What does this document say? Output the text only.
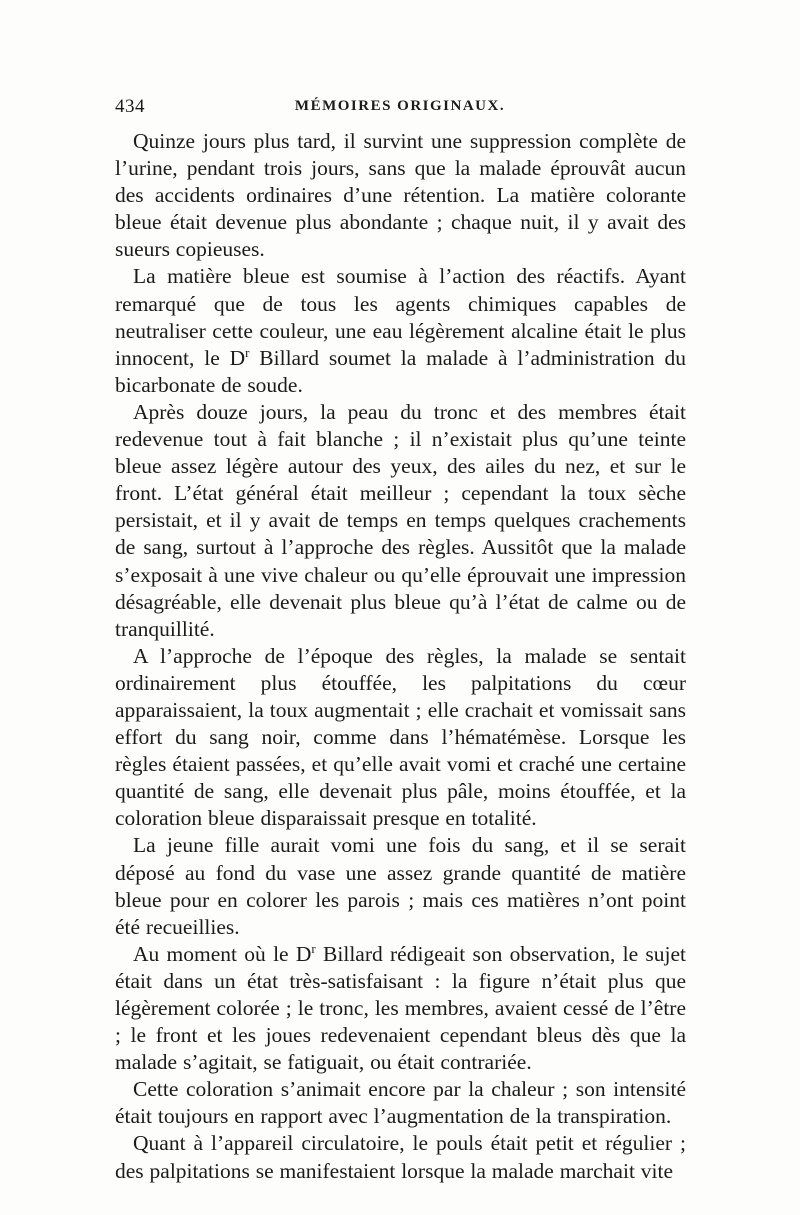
434	MÉMOIRES ORIGINAUX.

Quinze jours plus tard, il survint une suppression complète de l’urine, pendant trois jours, sans que la malade éprouvât aucun des accidents ordinaires d’une rétention. La matière colorante bleue était devenue plus abondante ; chaque nuit, il y avait des sueurs copieuses.

La matière bleue est soumise à l’action des réactifs. Ayant remarqué que de tous les agents chimiques capables de neutraliser cette couleur, une eau légèrement alcaline était le plus innocent, le $D^r$ Billard soumet la malade à l’administration du bicarbonate de soude.

Après douze jours, la peau du tronc et des membres était redevenue tout à fait blanche ; il n’existait plus qu’une teinte bleue assez légère autour des yeux, des ailes du nez, et sur le front. L’état général était meilleur ; cependant la toux sèche persistait, et il y avait de temps en temps quelques crachements de sang, surtout à l’approche des règles. Aussitôt que la malade s’exposait à une vive chaleur ou qu’elle éprouvait une impression désagréable, elle devenait plus bleue qu’à l’état de calme ou de tranquillité.

A l’approche de l’époque des règles, la malade se sentait ordinairement plus étouffée, les palpitations du cœur apparaissaient, la toux augmentait ; elle crachait et vomissait sans effort du sang noir, comme dans l’hématémèse. Lorsque les règles étaient passées, et qu’elle avait vomi et craché une certaine quantité de sang, elle devenait plus pâle, moins étouffée, et la coloration bleue disparaissait presque en totalité.

La jeune fille aurait vomi une fois du sang, et il se serait déposé au fond du vase une assez grande quantité de matière bleue pour en colorer les parois ; mais ces matières n’ont point été recueillies.

Au moment où le $D^r$ Billard rédigeait son observation, le sujet était dans un état très-satisfaisant : la figure n’était plus que légèrement colorée ; le tronc, les membres, avaient cessé de l’être ; le front et les joues redevenaient cependant bleus dès que la malade s’agitait, se fatiguait, ou était contrariée.

Cette coloration s’animait encore par la chaleur ; son intensité était toujours en rapport avec l’augmentation de la transpiration.

Quant à l’appareil circulatoire, le pouls était petit et régulier ; des palpitations se manifestaient lorsque la malade marchait vite
